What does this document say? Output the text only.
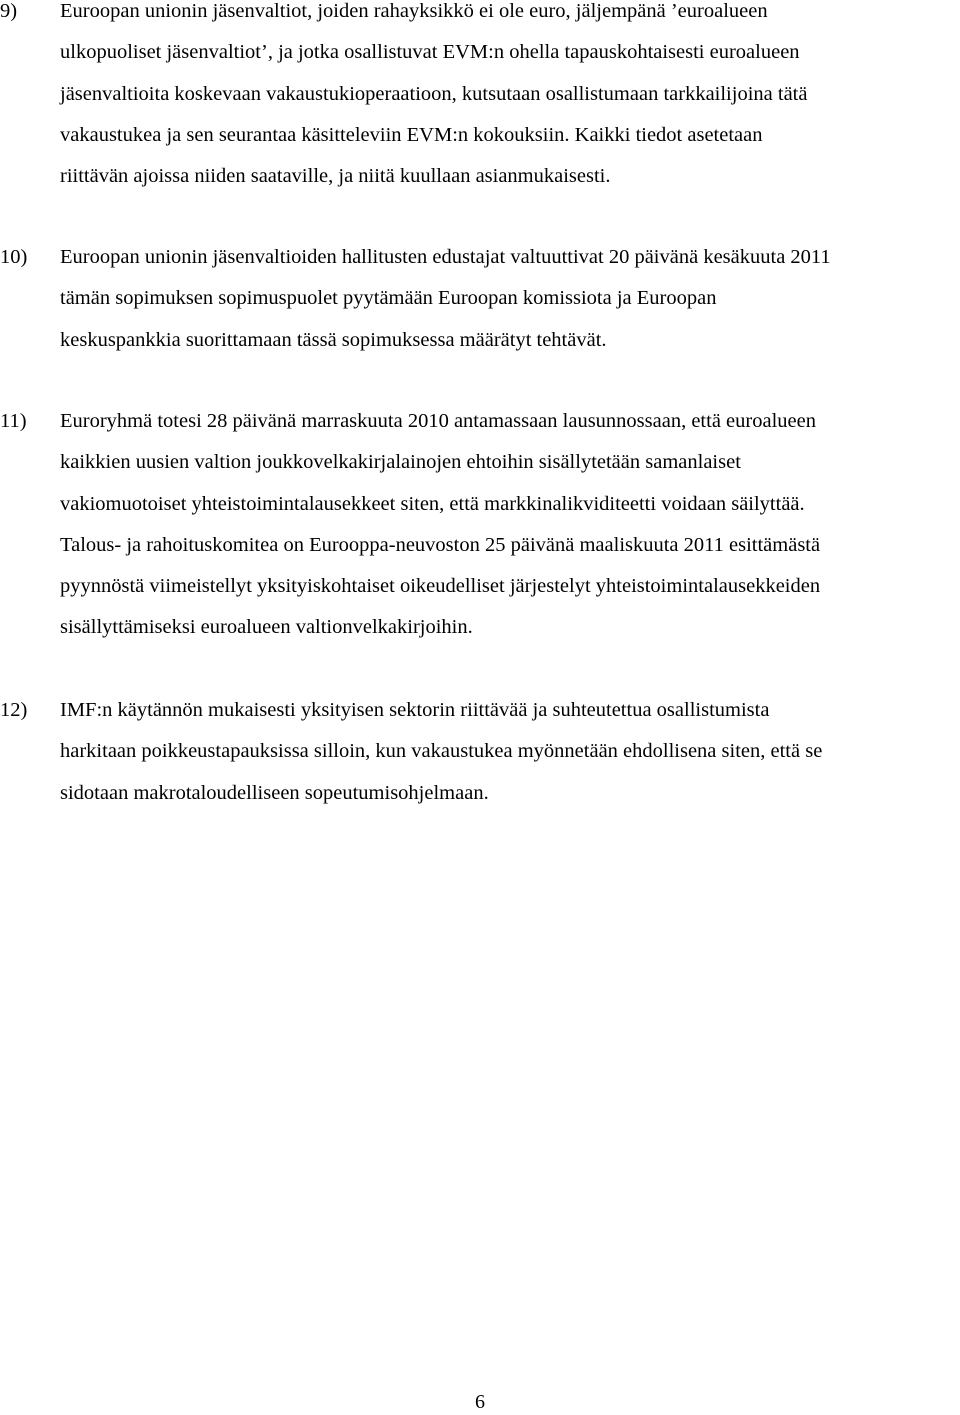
9)	Euroopan unionin jäsenvaltiot, joiden rahayksikkö ei ole euro, jäljempänä ’euroalueen
ulkopuoliset jäsenvaltiot’, ja jotka osallistuvat EVM:n ohella tapauskohtaisesti euroalueen
jäsenvaltioita koskevaan vakaustukioperaatioon, kutsutaan osallistumaan tarkkailijoina tätä
vakaustukea ja sen seurantaa käsitteleviin EVM:n kokouksiin. Kaikki tiedot asetetaan
riittävän ajoissa niiden saataville, ja niitä kuullaan asianmukaisesti.
10)	Euroopan unionin jäsenvaltioiden hallitusten edustajat valtuuttivat 20 päivänä kesäkuuta 2011
tämän sopimuksen sopimuspuolet pyytämään Euroopan komissiota ja Euroopan
keskuspankkia suorittamaan tässä sopimuksessa määrätyt tehtävät.
11)	Euroryhmä totesi 28 päivänä marraskuuta 2010 antamassaan lausunnossaan, että euroalueen
kaikkien uusien valtion joukkovelkakirjalainojen ehtoihin sisällytetään samanlaiset
vakiomuotoiset yhteistoimintalausekkeet siten, että markkinalikviditeetti voidaan säilyttää.
Talous- ja rahoituskomitea on Eurooppa-neuvoston 25 päivänä maaliskuuta 2011 esittämästä
pyynnöstä viimeistellyt yksityiskohtaiset oikeudelliset järjestelyt yhteistoimintalausekkeiden
sisällyttämiseksi euroalueen valtionvelkakirjoihin.
12)	IMF:n käytännön mukaisesti yksityisen sektorin riittävää ja suhteutettua osallistumista
harkitaan poikkeustapauksissa silloin, kun vakaustukea myönnetään ehdollisena siten, että se
sidotaan makrotaloudelliseen sopeutumisohjelmaan.
6
